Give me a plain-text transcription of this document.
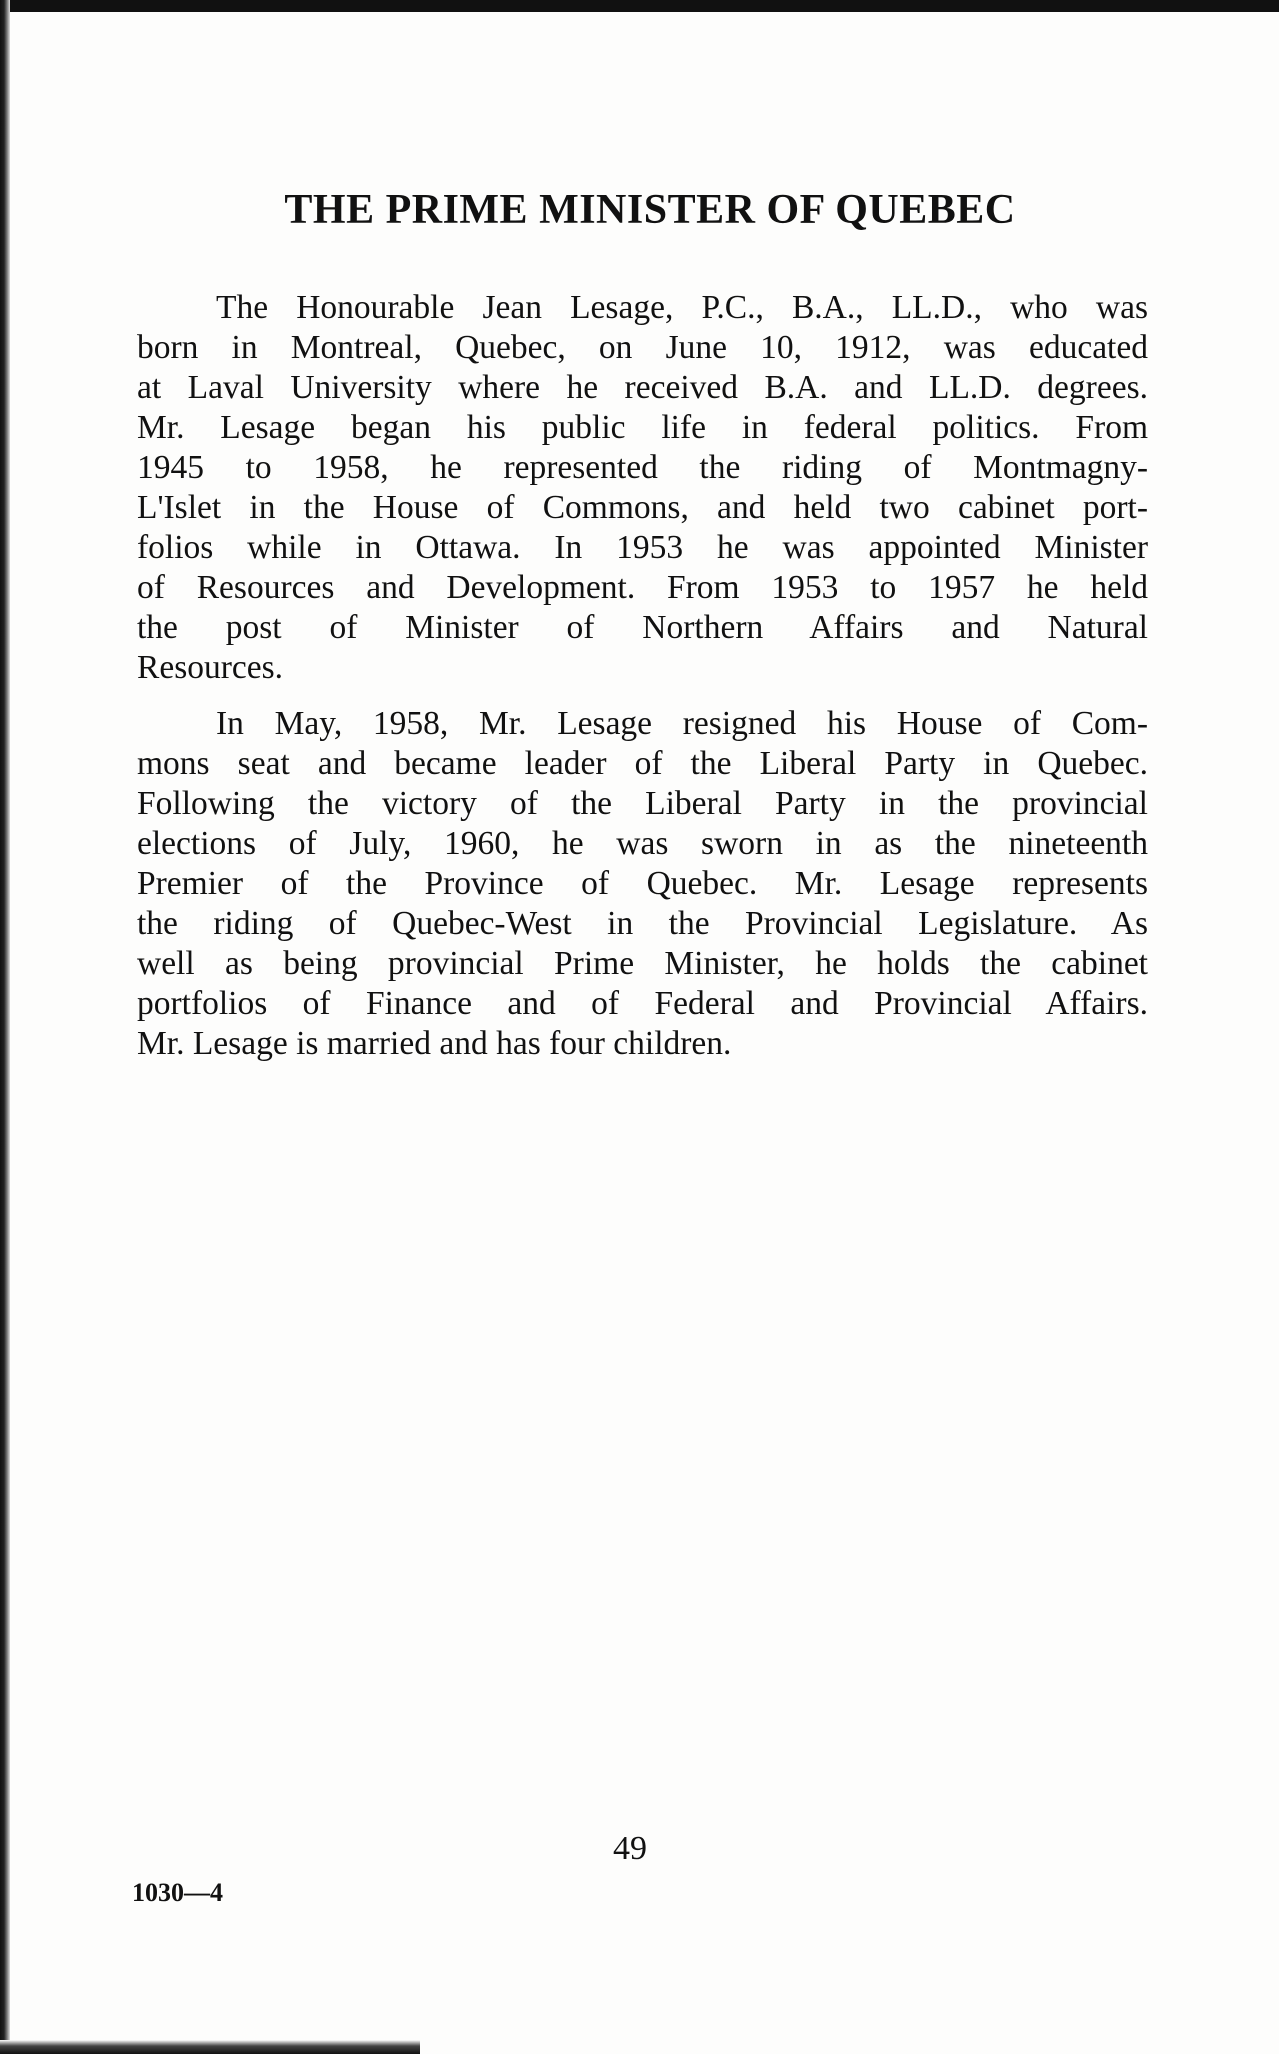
THE PRIME MINISTER OF QUEBEC
The Honourable Jean Lesage, P.C., B.A., LL.D., who was
born in Montreal, Quebec, on June 10, 1912, was educated
at Laval University where he received B.A. and LL.D. degrees.
Mr. Lesage began his public life in federal politics. From
1945 to 1958, he represented the riding of Montmagny-
L'Islet in the House of Commons, and held two cabinet port-
folios while in Ottawa. In 1953 he was appointed Minister
of Resources and Development. From 1953 to 1957 he held
the post of Minister of Northern Affairs and Natural
Resources.
In May, 1958, Mr. Lesage resigned his House of Com-
mons seat and became leader of the Liberal Party in Quebec.
Following the victory of the Liberal Party in the provincial
elections of July, 1960, he was sworn in as the nineteenth
Premier of the Province of Quebec. Mr. Lesage represents
the riding of Quebec-West in the Provincial Legislature. As
well as being provincial Prime Minister, he holds the cabinet
portfolios of Finance and of Federal and Provincial Affairs.
Mr. Lesage is married and has four children.

49

1030—4
